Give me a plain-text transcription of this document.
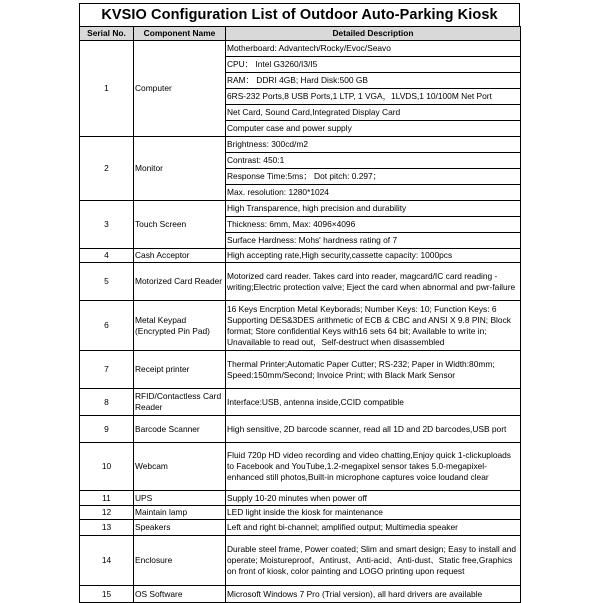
KVSIO Configuration List of Outdoor Auto-Parking Kiosk
Serial No.	Component Name	Detailed Description
1	Computer	Motherboard: Advantech/Rocky/Evoc/Seavo
		CPU： Intel G3260/I3/I5
		RAM： DDRI 4GB; Hard Disk:500 GB
		6RS-232 Ports,8 USB Ports,1 LTP, 1 VGA，1LVDS,1 10/100M Net Port
		Net Card, Sound Card,Integrated Display Card
		Computer case and power supply
2	Monitor	Brightness: 300cd/m2
		Contrast: 450:1
		Response Time:5ms； Dot pitch: 0.297；
		Max. resolution: 1280*1024
3	Touch Screen	High Transparence, high precision and durability
		Thickness: 6mm, Max: 4096×4096
		Surface Hardness: Mohs' hardness rating of 7
4	Cash Acceptor	High accepting rate,High security,cassette capacity: 1000pcs
5	Motorized Card Reader	Motorized card reader. Takes card into reader, magcard/IC card reading - writing;Electric protection valve; Eject the card when abnormal and pwr-failure
6	Metal Keypad (Encrypted Pin Pad)	16 Keys Encrption Metal Keyborads; Number Keys: 10; Function Keys: 6 Supporting DES&3DES arithmetic of ECB & CBC and ANSI X 9.8 PIN; Block format; Store confidential Keys with16 sets 64 bit; Available to write in; Unavailable to read out，Self-destruct when disassembled
7	Receipt printer	Thermal Printer;Automatic Paper Cutter; RS-232; Paper in Width:80mm; Speed:150mm/Second; Invoice Print; with Black Mark Sensor
8	RFID/Contactless Card Reader	Interface:USB, antenna inside,CCID compatible
9	Barcode Scanner	High sensitive, 2D barcode scanner, read all 1D and 2D barcodes,USB port
10	Webcam	Fluid 720p HD video recording and video chatting,Enjoy quick 1-clickuploads to Facebook and YouTube,1.2-megapixel sensor takes 5.0-megapixel-enhanced still photos,Built-in microphone captures voice loudand clear
11	UPS	Supply 10-20 minutes when power off
12	Maintain lamp	LED light inside the kiosk for maintenance
13	Speakers	Left and right bi-channel; amplified output; Multimedia speaker
14	Enclosure	Durable steel frame, Power coated; Slim and smart design; Easy to install and operate; Moistureproof、Antirust、Anti-acid、Anti-dust、Static free,Graphics on front of kiosk, color painting and LOGO printing upon request
15	OS Software	Microsoft Windows 7 Pro (Trial version), all hard drivers are available
